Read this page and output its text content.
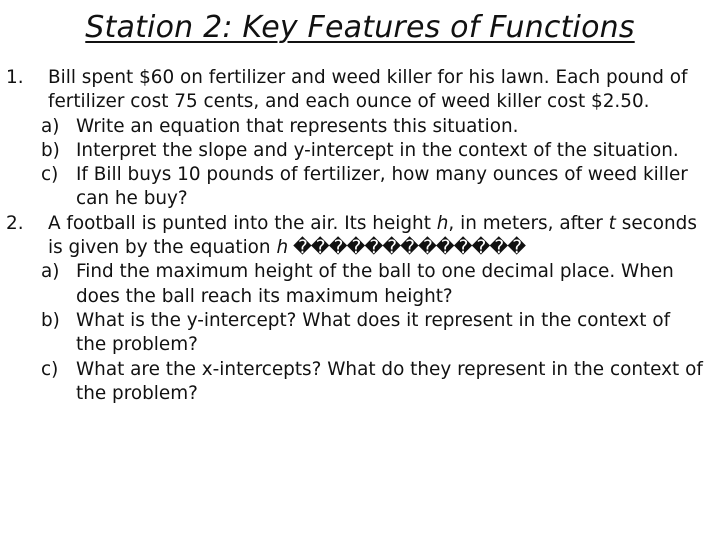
Station 2: Key Features of Functions
1. Bill spent $60 on fertilizer and weed killer for his lawn. Each pound of fertilizer cost 75 cents, and each ounce of weed killer cost $2.50.
a) Write an equation that represents this situation.
b) Interpret the slope and y-intercept in the context of the situation.
c) If Bill buys 10 pounds of fertilizer, how many ounces of weed killer can he buy?
2. A football is punted into the air. Its height h, in meters, after t seconds is given by the equation h �������������
a) Find the maximum height of the ball to one decimal place. When does the ball reach its maximum height?
b) What is the y-intercept? What does it represent in the context of the problem?
c) What are the x-intercepts? What do they represent in the context of the problem?
